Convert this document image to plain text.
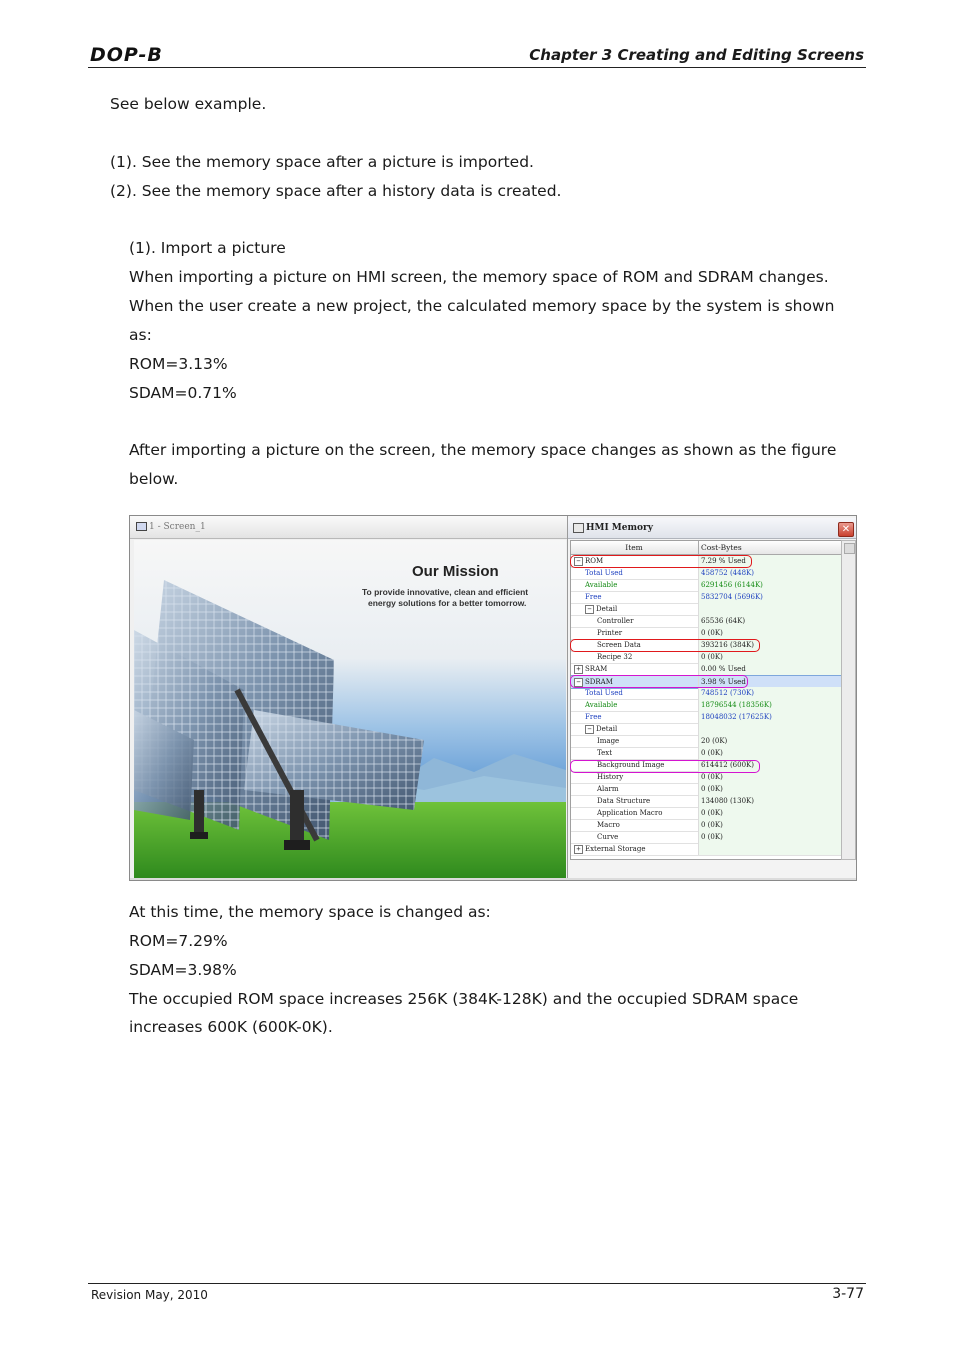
DOP-B	Chapter 3 Creating and Editing Screens
See below example.
(1). See the memory space after a picture is imported.
(2). See the memory space after a history data is created.
(1). Import a picture
When importing a picture on HMI screen, the memory space of ROM and SDRAM changes.
When the user create a new project, the calculated memory space by the system is shown
as:
ROM=3.13%
SDAM=0.71%
After importing a picture on the screen, the memory space changes as shown as the figure
below.
1 - Screen_1
Our Mission
To provide innovative, clean and efficient
energy solutions for a better tomorrow.
HMI Memory	✕
Item	Cost-Bytes
− ROM	7.29 % Used
Total Used	458752 (448K)
Available	6291456 (6144K)
Free	5832704 (5696K)
− Detail
Controller	65536 (64K)
Printer	0 (0K)
Screen Data	393216 (384K)
Recipe 32	0 (0K)
+ SRAM	0.00 % Used
− SDRAM	3.98 % Used
Total Used	748512 (730K)
Available	18796544 (18356K)
Free	18048032 (17625K)
− Detail
Image	20 (0K)
Text	0 (0K)
Background Image	614412 (600K)
History	0 (0K)
Alarm	0 (0K)
Data Structure	134080 (130K)
Application Macro	0 (0K)
Macro	0 (0K)
Curve	0 (0K)
+ External Storage
At this time, the memory space is changed as:
ROM=7.29%
SDAM=3.98%
The occupied ROM space increases 256K (384K-128K) and the occupied SDRAM space
increases 600K (600K-0K).
Revision May, 2010	3-77
